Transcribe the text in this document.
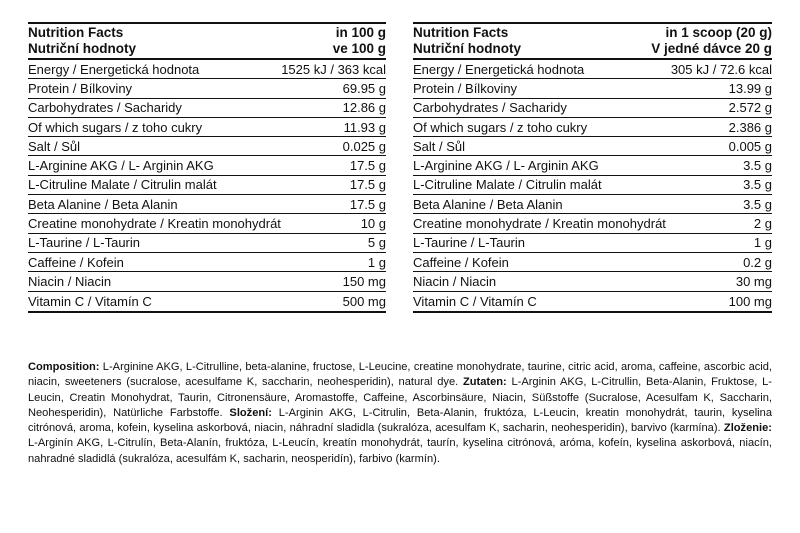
Nutrition Facts
Nutriční hodnoty
in 100 g
ve 100 g
Energy / Energetická hodnota	1525 kJ / 363 kcal
Protein / Bílkoviny	69.95 g
Carbohydrates / Sacharidy	12.86 g
Of which sugars / z toho cukry	11.93 g
Salt / Sůl	0.025 g
L-Arginine AKG / L- Arginin AKG	17.5 g
L-Citruline Malate / Citrulin malát	17.5 g
Beta Alanine / Beta Alanin	17.5 g
Creatine monohydrate / Kreatin monohydrát	10 g
L-Taurine / L-Taurin	5 g
Caffeine / Kofein	1 g
Niacin / Niacin	150 mg
Vitamin C / Vitamín C	500 mg
Nutrition Facts
Nutriční hodnoty
in 1 scoop (20 g)
V jedné dávce 20 g
Energy / Energetická hodnota	305 kJ / 72.6 kcal
Protein / Bílkoviny	13.99 g
Carbohydrates / Sacharidy	2.572 g
Of which sugars / z toho cukry	2.386 g
Salt / Sůl	0.005 g
L-Arginine AKG / L- Arginin AKG	3.5 g
L-Citruline Malate / Citrulin malát	3.5 g
Beta Alanine / Beta Alanin	3.5 g
Creatine monohydrate / Kreatin monohydrát	2 g
L-Taurine / L-Taurin	1 g
Caffeine / Kofein	0.2 g
Niacin / Niacin	30 mg
Vitamin C / Vitamín C	100 mg
Composition: L-Arginine AKG, L-Citrulline, beta-alanine, fructose, L-Leucine, creatine monohydrate, taurine, citric acid, aroma, caffeine, ascorbic acid, niacin, sweeteners (sucralose, acesulfame K, saccharin, neohesperidin), natural dye. Zutaten: L-Arginin AKG, L-Citrullin, Beta-Alanin, Fruktose, L-Leucin, Creatin Monohydrat, Taurin, Citronensäure, Aromastoffe, Caffeine, Ascorbinsäure, Niacin, Süßstoffe (Sucralose, Acesulfam K, Saccharin, Neohesperidin), Natürliche Farbstoffe. Složení: L-Arginin AKG, L-Citrulin, Beta-Alanin, fruktóza, L-Leucin, kreatin monohydrát, taurin, kyselina citrónová, aroma, kofein, kyselina askorbová, niacin, náhradní sladidla (sukralóza, acesulfam K, sacharin, neohesperidin), barvivo (karmína). Zloženie: L-Arginín AKG, L-Citrulín, Beta-Alanín, fruktóza, L-Leucín, kreatín monohydrát, taurín, kyselina citrónová, aróma, kofeín, kyselina askorbová, niacín, nahradné sladidlá (sukralóza, acesulfám K, sacharin, neosperidín), farbivo (karmín).
